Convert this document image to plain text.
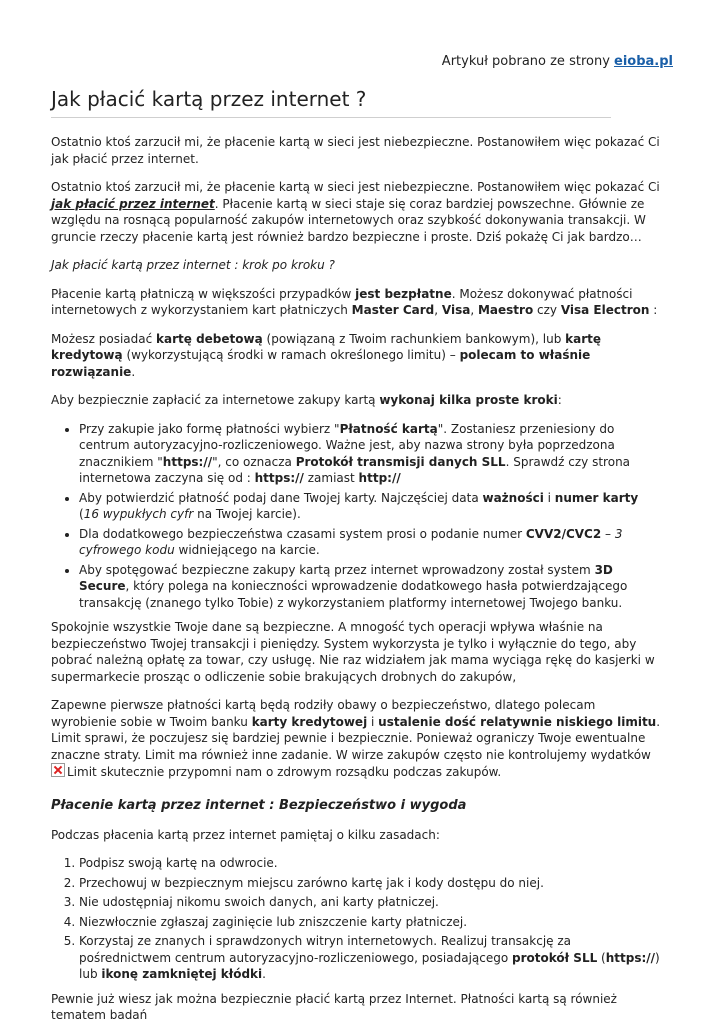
Artykuł pobrano ze strony eioba.pl
Jak płacić kartą przez internet ?

Ostatnio ktoś zarzucił mi, że płacenie kartą w sieci jest niebezpieczne. Postanowiłem więc pokazać Ci jak płacić przez internet.

Ostatnio ktoś zarzucił mi, że płacenie kartą w sieci jest niebezpieczne. Postanowiłem więc pokazać Ci jak płacić przez internet. Płacenie kartą w sieci staje się coraz bardziej powszechne. Głównie ze względu na rosnącą popularność zakupów internetowych oraz szybkość dokonywania transakcji. W gruncie rzeczy płacenie kartą jest również bardzo bezpieczne i proste. Dziś pokażę Ci jak bardzo…

Jak płacić kartą przez internet : krok po kroku ?

Płacenie kartą płatniczą w większości przypadków jest bezpłatne. Możesz dokonywać płatności internetowych z wykorzystaniem kart płatniczych Master Card, Visa, Maestro czy Visa Electron :

Możesz posiadać kartę debetową (powiązaną z Twoim rachunkiem bankowym), lub kartę kredytową (wykorzystującą środki w ramach określonego limitu) – polecam to właśnie rozwiązanie.

Aby bezpiecznie zapłacić za internetowe zakupy kartą wykonaj kilka proste kroki:

• Przy zakupie jako formę płatności wybierz "Płatność kartą". Zostaniesz przeniesiony do centrum autoryzacyjno-rozliczeniowego. Ważne jest, aby nazwa strony była poprzedzona znacznikiem "https://", co oznacza Protokół transmisji danych SLL. Sprawdź czy strona internetowa zaczyna się od : https:// zamiast http://
• Aby potwierdzić płatność podaj dane Twojej karty. Najczęściej data ważności i numer karty (16 wypukłych cyfr na Twojej karcie).
• Dla dodatkowego bezpieczeństwa czasami system prosi o podanie numer CVV2/CVC2 – 3 cyfrowego kodu widniejącego na karcie.
• Aby spotęgować bezpieczne zakupy kartą przez internet wprowadzony został system 3D Secure, który polega na konieczności wprowadzenie dodatkowego hasła potwierdzającego transakcję (znanego tylko Tobie) z wykorzystaniem platformy internetowej Twojego banku.

Spokojnie wszystkie Twoje dane są bezpieczne. A mnogość tych operacji wpływa właśnie na bezpieczeństwo Twojej transakcji i pieniędzy. System wykorzysta je tylko i wyłącznie do tego, aby pobrać należną opłatę za towar, czy usługę. Nie raz widziałem jak mama wyciąga rękę do kasjerki w supermarkecie prosząc o odliczenie sobie brakujących drobnych do zakupów,

Zapewne pierwsze płatności kartą będą rodziły obawy o bezpieczeństwo, dlatego polecam wyrobienie sobie w Twoim banku karty kredytowej i ustalenie dość relatywnie niskiego limitu. Limit sprawi, że poczujesz się bardziej pewnie i bezpiecznie. Ponieważ ograniczy Twoje ewentualne znaczne straty. Limit ma również inne zadanie. W wirze zakupów często nie kontrolujemy wydatków Limit skutecznie przypomni nam o zdrowym rozsądku podczas zakupów.

Płacenie kartą przez internet : Bezpieczeństwo i wygoda

Podczas płacenia kartą przez internet pamiętaj o kilku zasadach:

1. Podpisz swoją kartę na odwrocie.
2. Przechowuj w bezpiecznym miejscu zarówno kartę jak i kody dostępu do niej.
3. Nie udostępniaj nikomu swoich danych, ani karty płatniczej.
4. Niezwłocznie zgłaszaj zaginięcie lub zniszczenie karty płatniczej.
5. Korzystaj ze znanych i sprawdzonych witryn internetowych. Realizuj transakcję za pośrednictwem centrum autoryzacyjno-rozliczeniowego, posiadającego protokół SLL (https://) lub ikonę zamkniętej kłódki.

Pewnie już wiesz jak można bezpiecznie płacić kartą przez Internet. Płatności kartą są również tematem badań
